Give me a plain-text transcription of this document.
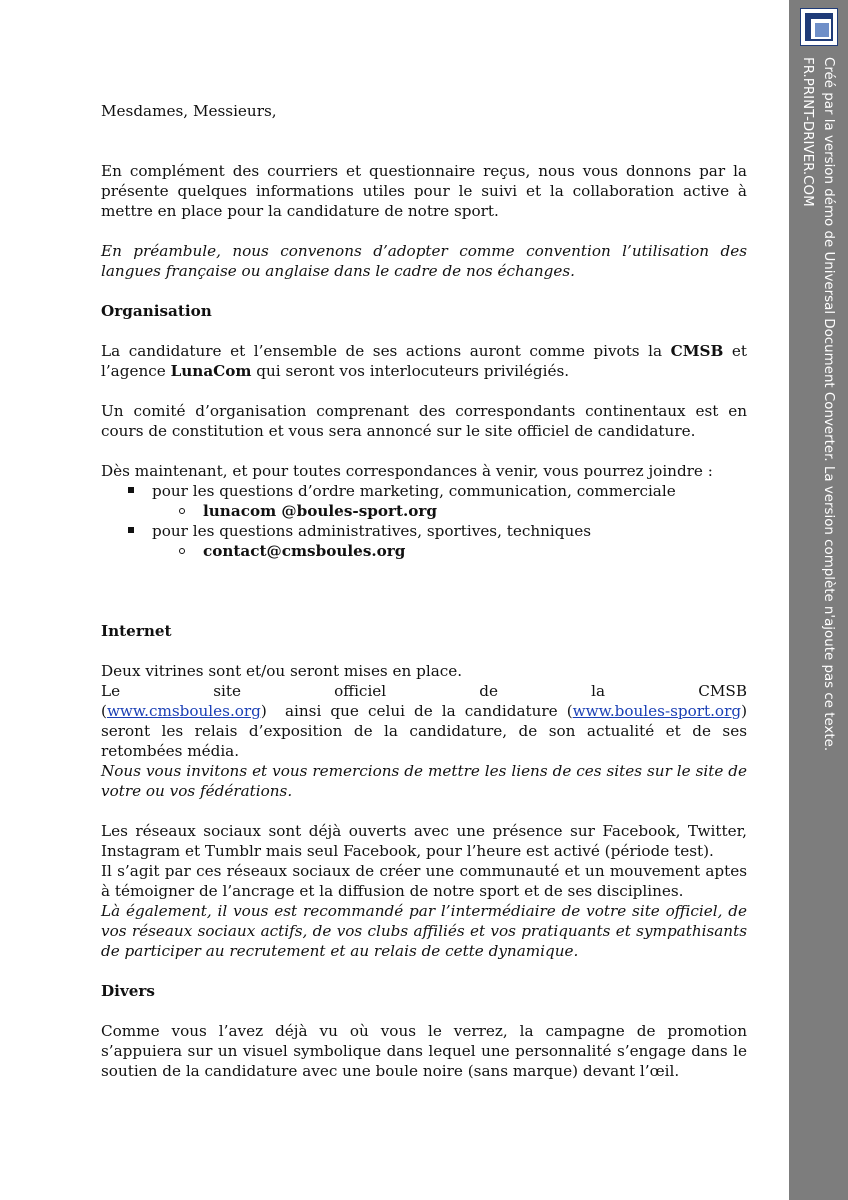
Mesdames, Messieurs,

En complément des courriers et questionnaire reçus, nous vous donnons par la présente quelques informations utiles pour le suivi et la collaboration active à mettre en place pour la candidature de notre sport.

En préambule, nous convenons d’adopter comme convention l’utilisation des langues française ou anglaise dans le cadre de nos échanges.

Organisation

La candidature et l’ensemble de ses actions auront comme pivots la CMSB et l’agence LunaCom qui seront vos interlocuteurs privilégiés.

Un comité d’organisation comprenant des correspondants continentaux est en cours de constitution et vous sera annoncé sur le site officiel de candidature.

Dès maintenant, et pour toutes correspondances à venir, vous pourrez joindre :

pour les questions d’ordre marketing, communication, commerciale
lunacom @boules-sport.org
pour les questions administratives, sportives, techniques
contact@cmsboules.org

Internet

Deux vitrines sont et/ou seront mises en place.

Le site officiel de la CMSB (www.cmsboules.org)  ainsi que celui de la candidature (www.boules-sport.org) seront les relais d’exposition de la candidature, de son actualité et de ses retombées média.

Nous vous invitons et vous remercions de mettre les liens de ces sites sur le site de votre ou vos fédérations.

Les réseaux sociaux sont déjà ouverts avec une présence sur Facebook, Twitter, Instagram et Tumblr mais seul Facebook, pour l’heure est activé (période test).

Il s’agit par ces réseaux sociaux de créer une communauté et un mouvement aptes à témoigner de l’ancrage et la diffusion de notre sport et de ses disciplines.

Là également, il vous est recommandé par l’intermédiaire de votre site officiel, de vos réseaux sociaux actifs, de vos clubs affiliés et vos pratiquants et sympathisants de participer au recrutement et au relais de cette dynamique.

Divers

Comme vous l’avez déjà vu où vous le verrez, la campagne de promotion s’appuiera sur un visuel symbolique dans lequel une personnalité s’engage dans le soutien de la candidature avec une boule noire (sans marque) devant l’œil.

Créé par la version démo de Universal Document Converter. La version complète n'ajoute pas ce texte.
FR.PRINT-DRIVER.COM
